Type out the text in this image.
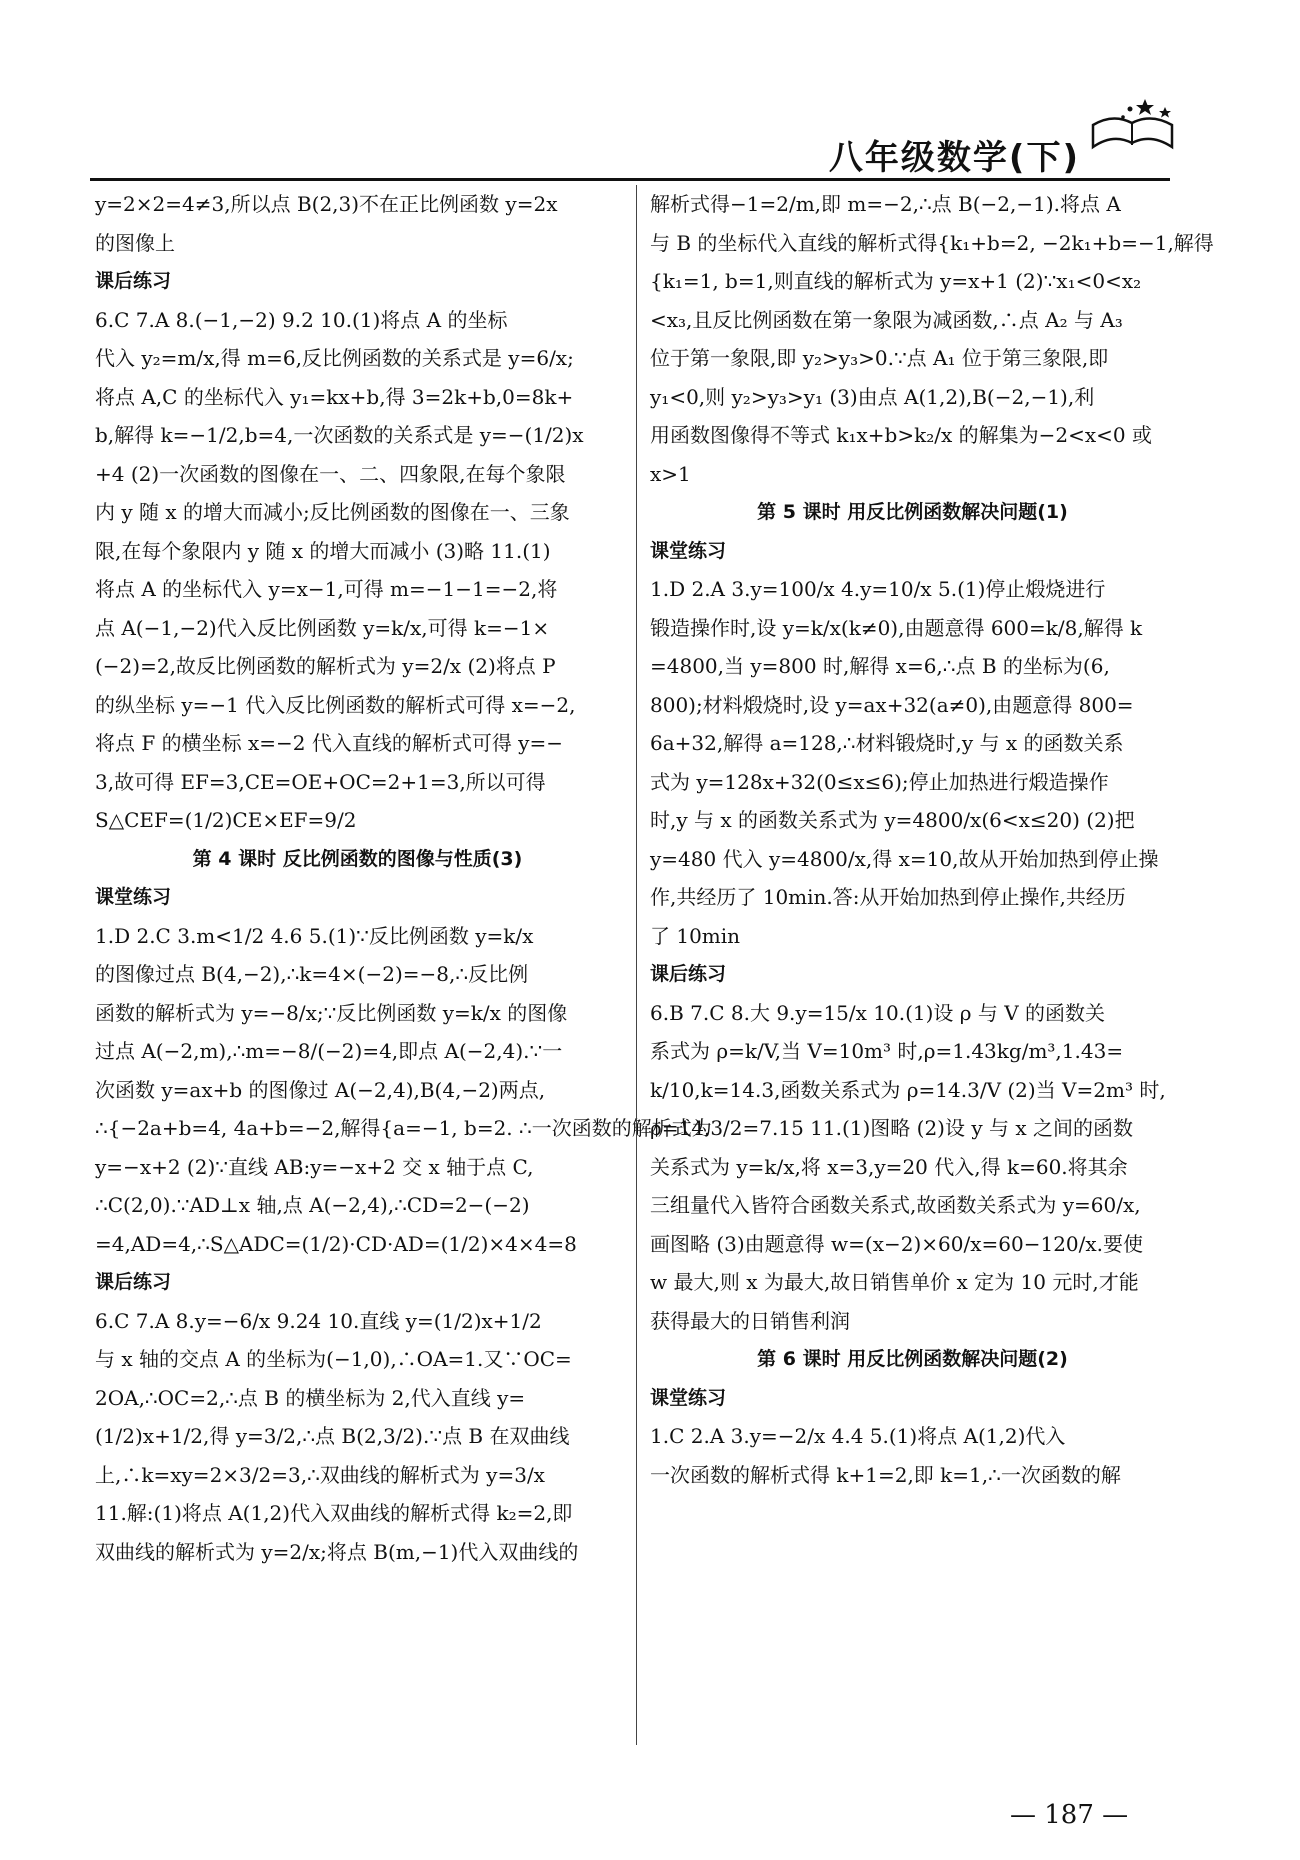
八年级数学(下)
y=2×2=4≠3,所以点 B(2,3)不在正比例函数 y=2x
的图像上
课后练习
6.C 7.A 8.(−1,−2) 9.2 10.(1)将点 A 的坐标
代入 y₂=m/x,得 m=6,反比例函数的关系式是 y=6/x;
将点 A,C 的坐标代入 y₁=kx+b,得 3=2k+b,0=8k+
b,解得 k=−1/2,b=4,一次函数的关系式是 y=−(1/2)x
+4 (2)一次函数的图像在一、二、四象限,在每个象限
内 y 随 x 的增大而减小;反比例函数的图像在一、三象
限,在每个象限内 y 随 x 的增大而减小 (3)略 11.(1)
将点 A 的坐标代入 y=x−1,可得 m=−1−1=−2,将
点 A(−1,−2)代入反比例函数 y=k/x,可得 k=−1×
(−2)=2,故反比例函数的解析式为 y=2/x (2)将点 P
的纵坐标 y=−1 代入反比例函数的解析式可得 x=−2,
将点 F 的横坐标 x=−2 代入直线的解析式可得 y=−
3,故可得 EF=3,CE=OE+OC=2+1=3,所以可得
S△CEF=(1/2)CE×EF=9/2
第 4 课时 反比例函数的图像与性质(3)
课堂练习
1.D 2.C 3.m<1/2 4.6 5.(1)∵反比例函数 y=k/x
的图像过点 B(4,−2),∴k=4×(−2)=−8,∴反比例
函数的解析式为 y=−8/x;∵反比例函数 y=k/x 的图像
过点 A(−2,m),∴m=−8/(−2)=4,即点 A(−2,4).∵一
次函数 y=ax+b 的图像过 A(−2,4),B(4,−2)两点,
∴{−2a+b=4, 4a+b=−2,解得{a=−1, b=2. ∴一次函数的解析式为
y=−x+2 (2)∵直线 AB:y=−x+2 交 x 轴于点 C,
∴C(2,0).∵AD⊥x 轴,点 A(−2,4),∴CD=2−(−2)
=4,AD=4,∴S△ADC=(1/2)·CD·AD=(1/2)×4×4=8
课后练习
6.C 7.A 8.y=−6/x 9.24 10.直线 y=(1/2)x+1/2
与 x 轴的交点 A 的坐标为(−1,0),∴OA=1.又∵OC=
2OA,∴OC=2,∴点 B 的横坐标为 2,代入直线 y=
(1/2)x+1/2,得 y=3/2,∴点 B(2,3/2).∵点 B 在双曲线
上,∴k=xy=2×3/2=3,∴双曲线的解析式为 y=3/x
11.解:(1)将点 A(1,2)代入双曲线的解析式得 k₂=2,即
双曲线的解析式为 y=2/x;将点 B(m,−1)代入双曲线的
解析式得−1=2/m,即 m=−2,∴点 B(−2,−1).将点 A
与 B 的坐标代入直线的解析式得{k₁+b=2, −2k₁+b=−1,解得
{k₁=1, b=1,则直线的解析式为 y=x+1 (2)∵x₁<0<x₂
<x₃,且反比例函数在第一象限为减函数,∴点 A₂ 与 A₃
位于第一象限,即 y₂>y₃>0.∵点 A₁ 位于第三象限,即
y₁<0,则 y₂>y₃>y₁ (3)由点 A(1,2),B(−2,−1),利
用函数图像得不等式 k₁x+b>k₂/x 的解集为−2<x<0 或
x>1
第 5 课时 用反比例函数解决问题(1)
课堂练习
1.D 2.A 3.y=100/x 4.y=10/x 5.(1)停止煅烧进行
锻造操作时,设 y=k/x(k≠0),由题意得 600=k/8,解得 k
=4800,当 y=800 时,解得 x=6,∴点 B 的坐标为(6,
800);材料煅烧时,设 y=ax+32(a≠0),由题意得 800=
6a+32,解得 a=128,∴材料锻烧时,y 与 x 的函数关系
式为 y=128x+32(0≤x≤6);停止加热进行煅造操作
时,y 与 x 的函数关系式为 y=4800/x(6<x≤20) (2)把
y=480 代入 y=4800/x,得 x=10,故从开始加热到停止操
作,共经历了 10min.答:从开始加热到停止操作,共经历
了 10min
课后练习
6.B 7.C 8.大 9.y=15/x 10.(1)设 ρ 与 V 的函数关
系式为 ρ=k/V,当 V=10m³ 时,ρ=1.43kg/m³,1.43=
k/10,k=14.3,函数关系式为 ρ=14.3/V (2)当 V=2m³ 时,
ρ=14.3/2=7.15 11.(1)图略 (2)设 y 与 x 之间的函数
关系式为 y=k/x,将 x=3,y=20 代入,得 k=60.将其余
三组量代入皆符合函数关系式,故函数关系式为 y=60/x,
画图略 (3)由题意得 w=(x−2)×60/x=60−120/x.要使
w 最大,则 x 为最大,故日销售单价 x 定为 10 元时,才能
获得最大的日销售利润
第 6 课时 用反比例函数解决问题(2)
课堂练习
1.C 2.A 3.y=−2/x 4.4 5.(1)将点 A(1,2)代入
一次函数的解析式得 k+1=2,即 k=1,∴一次函数的解
— 187 —
